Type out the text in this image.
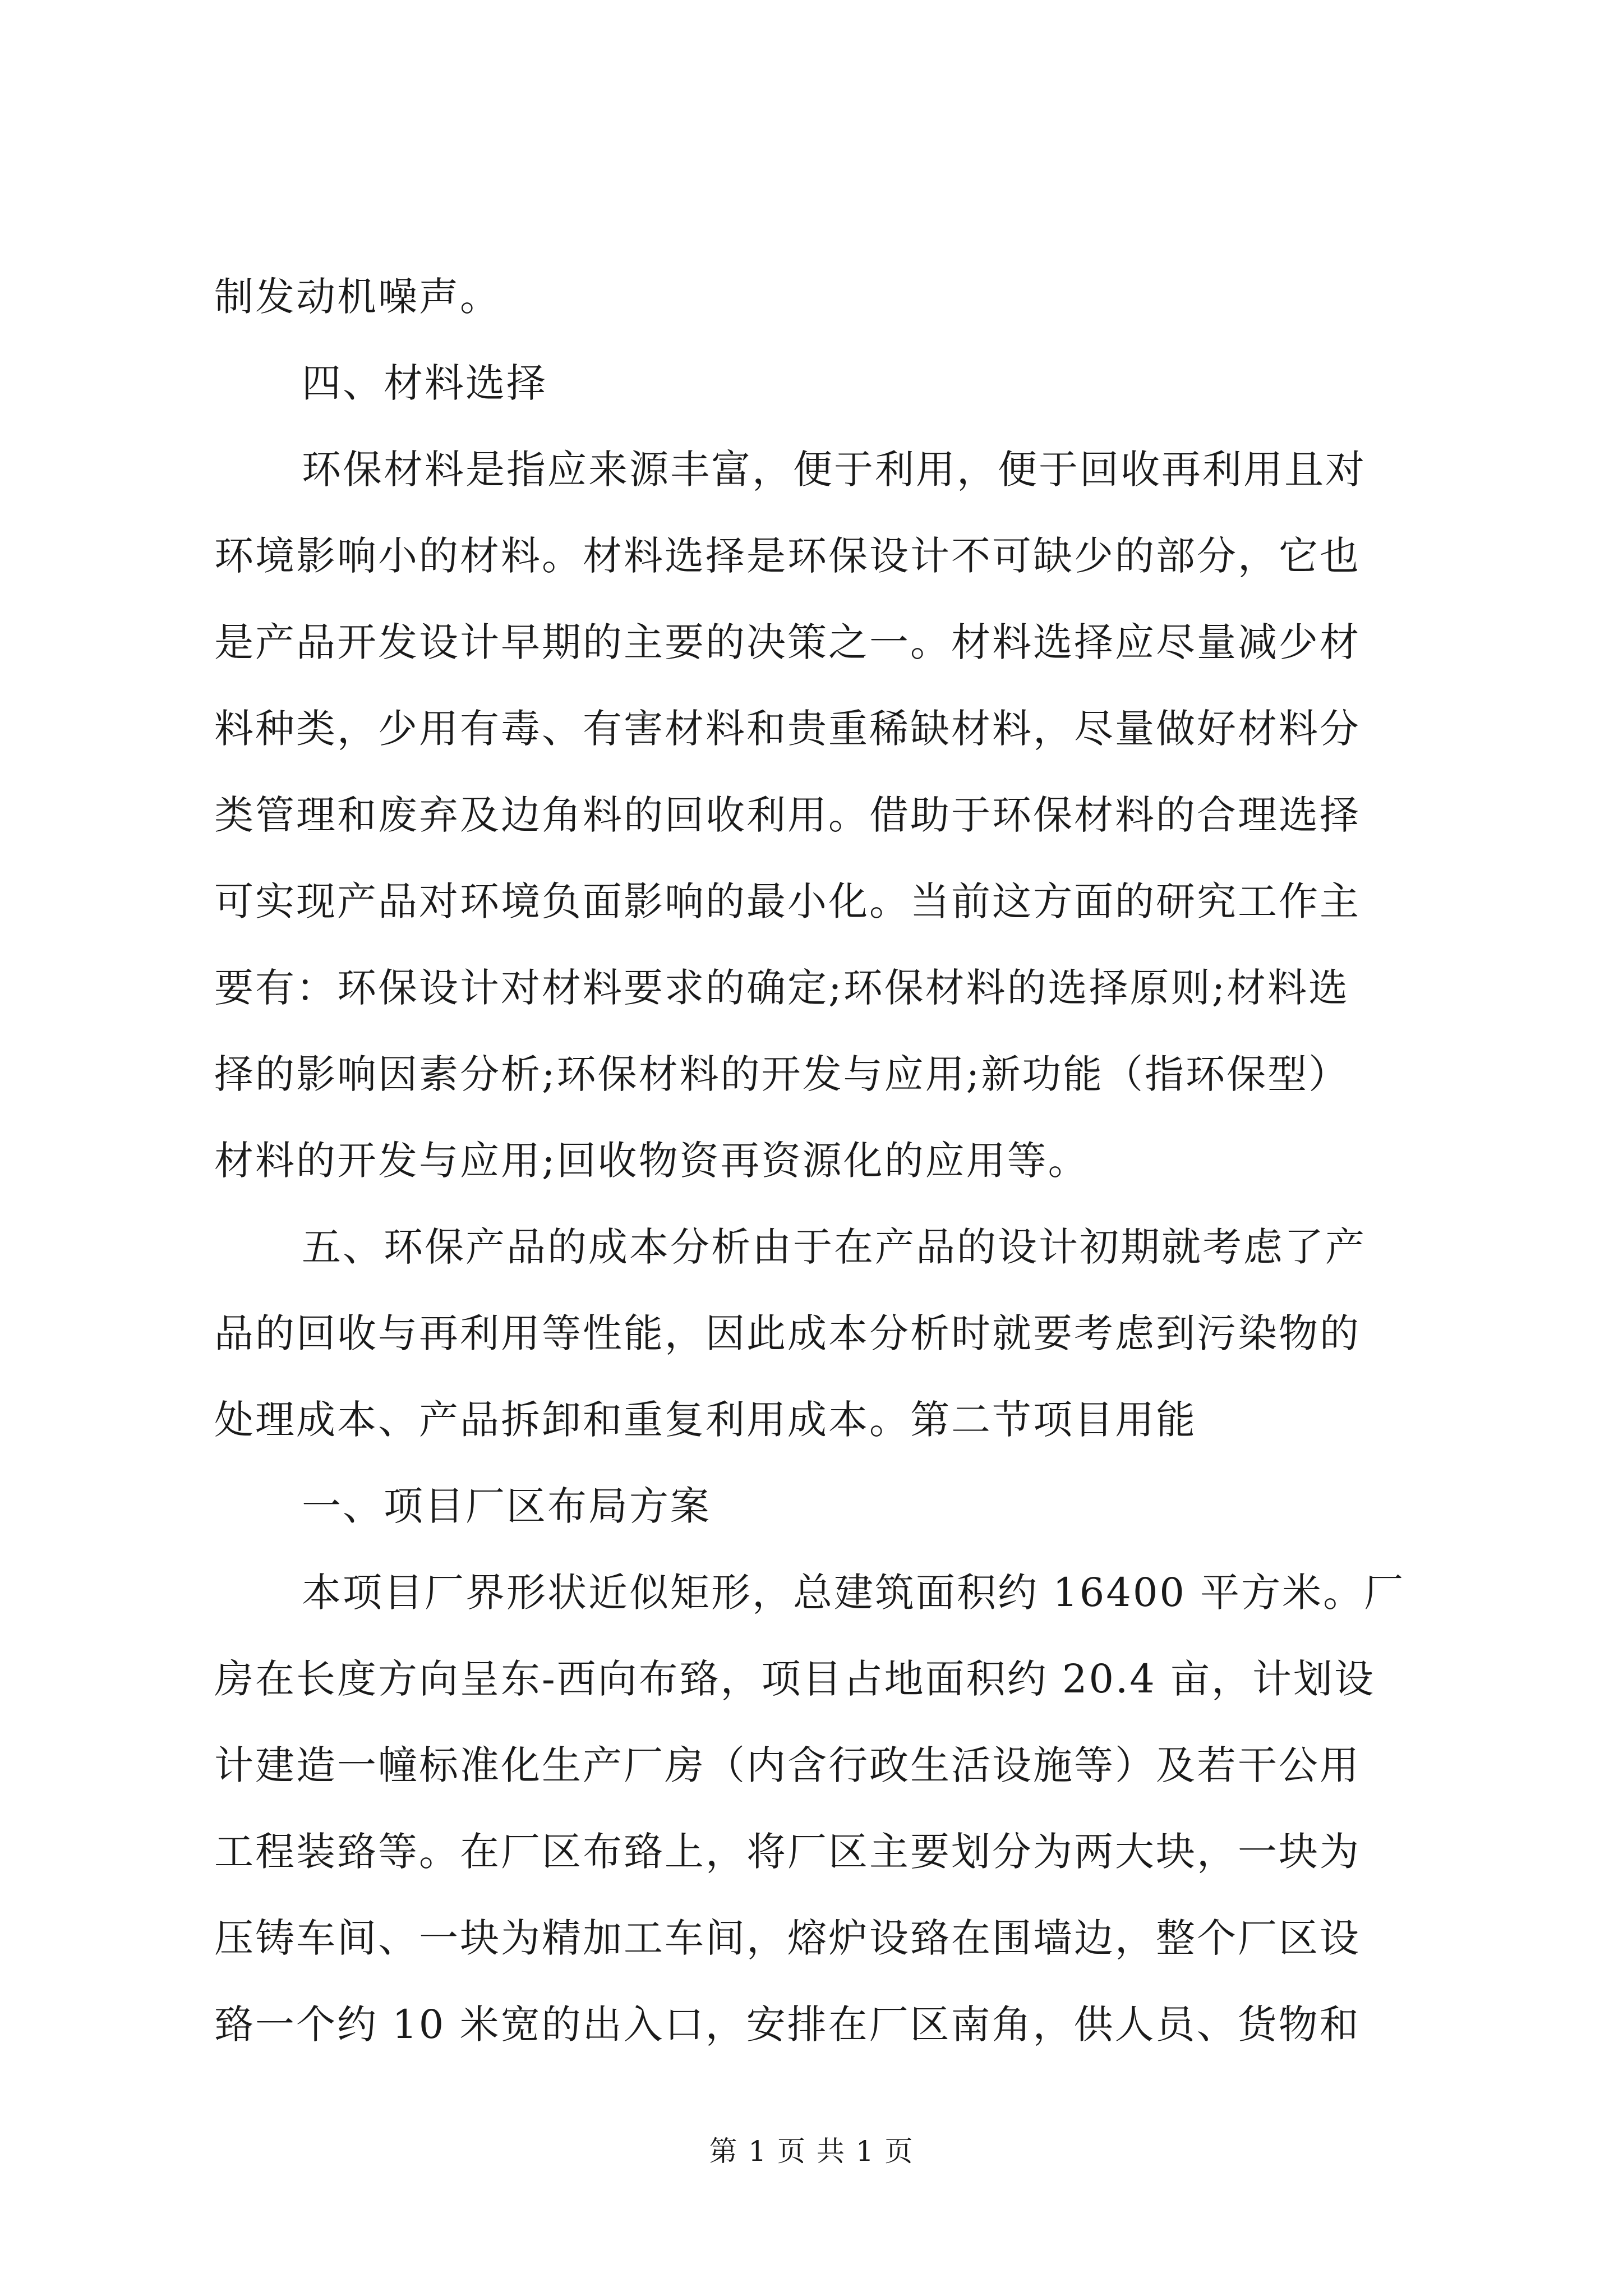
制发动机噪声。
四、材料选择
环保材料是指应来源丰富，便于利用，便于回收再利用且对
环境影响小的材料。材料选择是环保设计不可缺少的部分，它也
是产品开发设计早期的主要的决策之一。材料选择应尽量减少材
料种类，少用有毒、有害材料和贵重稀缺材料，尽量做好材料分
类管理和废弃及边角料的回收利用。借助于环保材料的合理选择
可实现产品对环境负面影响的最小化。当前这方面的研究工作主
要有：环保设计对材料要求的确定;环保材料的选择原则;材料选
择的影响因素分析;环保材料的开发与应用;新功能（指环保型）
材料的开发与应用;回收物资再资源化的应用等。
五、环保产品的成本分析由于在产品的设计初期就考虑了产
品的回收与再利用等性能，因此成本分析时就要考虑到污染物的
处理成本、产品拆卸和重复利用成本。第二节项目用能
一、项目厂区布局方案
本项目厂界形状近似矩形，总建筑面积约 16400 平方米。厂
房在长度方向呈东-西向布臵，项目占地面积约 20.4 亩，计划设
计建造一幢标准化生产厂房（内含行政生活设施等）及若干公用
工程装臵等。在厂区布臵上，将厂区主要划分为两大块，一块为
压铸车间、一块为精加工车间，熔炉设臵在围墙边，整个厂区设
臵一个约 10 米宽的出入口，安排在厂区南角，供人员、货物和
第 1 页 共 1 页
